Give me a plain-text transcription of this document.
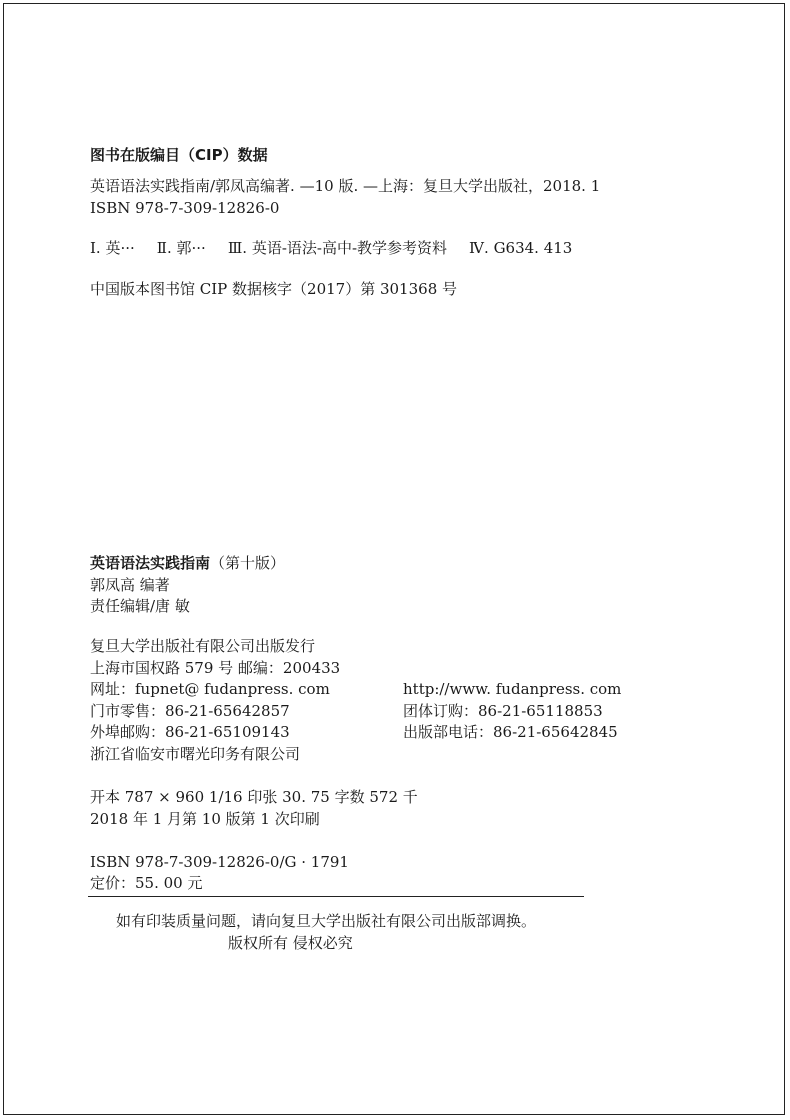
图书在版编目（CIP）数据
英语语法实践指南/郭凤高编著. —10 版. —上海：复旦大学出版社，2018. 1
ISBN 978-7-309-12826-0
Ⅰ. 英··· Ⅱ. 郭··· Ⅲ. 英语-语法-高中-教学参考资料 Ⅳ. G634. 413
中国版本图书馆 CIP 数据核字（2017）第 301368 号
英语语法实践指南（第十版）
郭凤高 编著
责任编辑/唐 敏
复旦大学出版社有限公司出版发行
上海市国权路 579 号 邮编：200433
网址：fupnet@ fudanpress. com	http://www. fudanpress. com
门市零售：86-21-65642857	团体订购：86-21-65118853
外埠邮购：86-21-65109143	出版部电话：86-21-65642845
浙江省临安市曙光印务有限公司
开本 787 × 960 1/16 印张 30. 75 字数 572 千
2018 年 1 月第 10 版第 1 次印刷
ISBN 978-7-309-12826-0/G · 1791
定价：55. 00 元
如有印装质量问题，请向复旦大学出版社有限公司出版部调换。
版权所有 侵权必究
